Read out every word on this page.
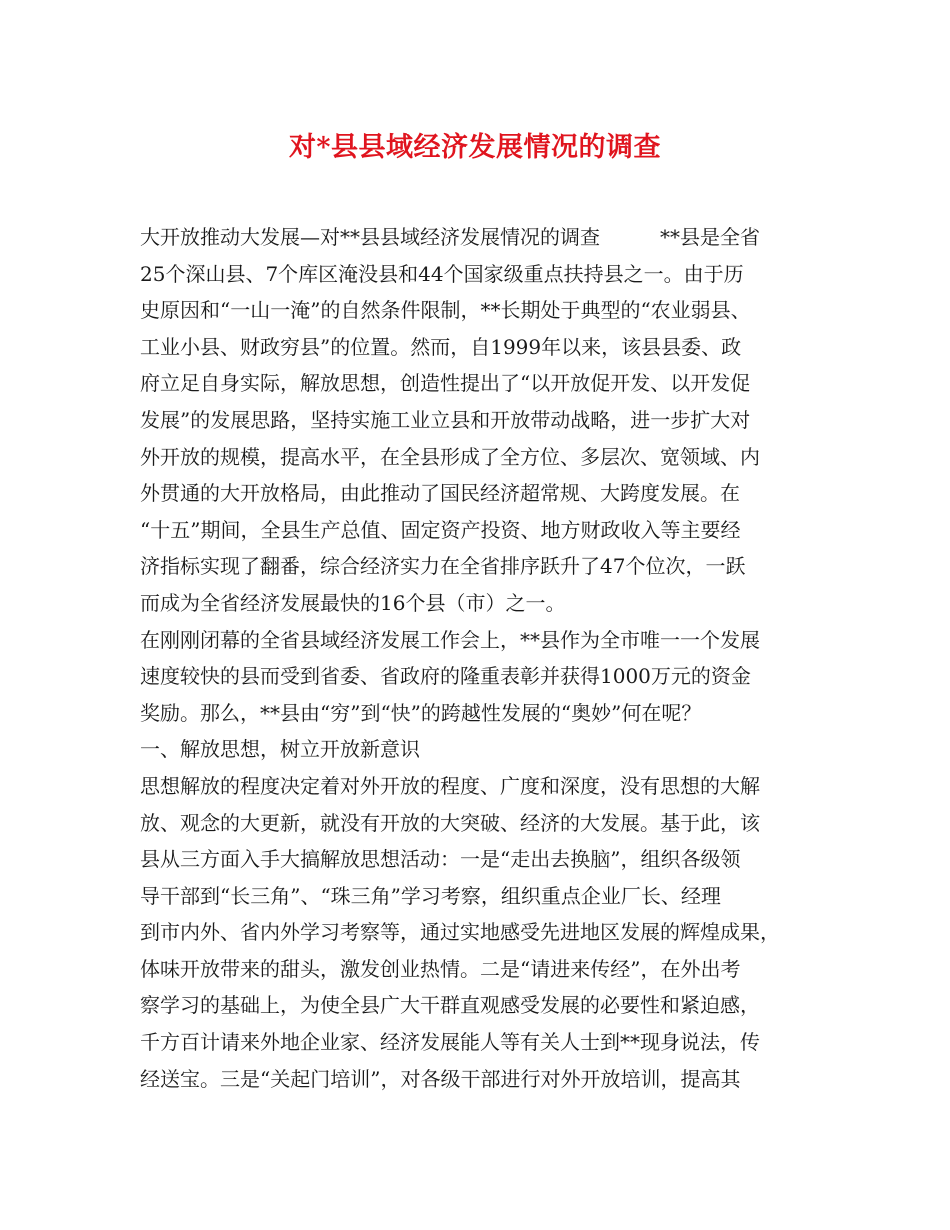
对*县县域经济发展情况的调查
大开放推动大发展—对**县县域经济发展情况的调查　　　**县是全省
25个深山县、7个库区淹没县和44个国家级重点扶持县之一。由于历
史原因和“一山一淹”的自然条件限制，**长期处于典型的“农业弱县、
工业小县、财政穷县”的位置。然而，自1999年以来，该县县委、政
府立足自身实际，解放思想，创造性提出了“以开放促开发、以开发促
发展”的发展思路，坚持实施工业立县和开放带动战略，进一步扩大对
外开放的规模，提高水平，在全县形成了全方位、多层次、宽领域、内
外贯通的大开放格局，由此推动了国民经济超常规、大跨度发展。在
“十五”期间，全县生产总值、固定资产投资、地方财政收入等主要经
济指标实现了翻番，综合经济实力在全省排序跃升了47个位次，一跃
而成为全省经济发展最快的16个县（市）之一。
在刚刚闭幕的全省县域经济发展工作会上，**县作为全市唯一一个发展
速度较快的县而受到省委、省政府的隆重表彰并获得1000万元的资金
奖励。那么，**县由“穷”到“快”的跨越性发展的“奥妙”何在呢？
一、解放思想，树立开放新意识
思想解放的程度决定着对外开放的程度、广度和深度，没有思想的大解
放、观念的大更新，就没有开放的大突破、经济的大发展。基于此，该
县从三方面入手大搞解放思想活动：一是“走出去换脑”，组织各级领
导干部到“长三角”、“珠三角”学习考察，组织重点企业厂长、经理
到市内外、省内外学习考察等，通过实地感受先进地区发展的辉煌成果，
体味开放带来的甜头，激发创业热情。二是“请进来传经”，在外出考
察学习的基础上，为使全县广大干群直观感受发展的必要性和紧迫感，
千方百计请来外地企业家、经济发展能人等有关人士到**现身说法，传
经送宝。三是“关起门培训”，对各级干部进行对外开放培训，提高其
